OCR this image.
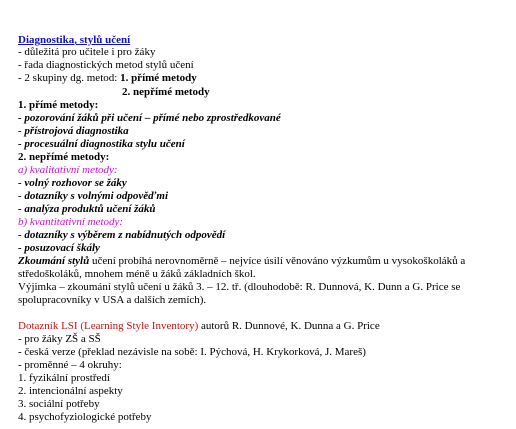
Diagnostika, stylů učení
- důležitá pro učitele i pro žáky
- řada diagnostických metod stylů učení
- 2 skupiny dg. metod: 1. přímé metody
2. nepřímé metody
1. přímé metody:
- pozorování žáků při učení – přímé nebo zprostředkované
- přístrojová diagnostika
- procesuální diagnostika stylu učení
2. nepřímé metody:
a) kvalitativní metody:
- volný rozhovor se žáky
- dotazníky s volnými odpověďmi
- analýza produktů učení žáků
b) kvantitativní metody:
- dotazníky s výběrem z nabídnutých odpovědí
- posuzovací škály
Zkoumání stylů učení probíhá nerovnoměrně – nejvíce úsilí věnováno výzkumům u vysokoškoláků a středoškoláků, mnohem méně u žáků základních škol.
Výjimka – zkoumání stylů učení u žáků 3. – 12. tř. (dlouhodobě: R. Dunnová, K. Dunn a G. Price se spolupracovníky v USA a dalších zemích).
Dotazník LSI (Learning Style Inventory) autorů R. Dunnové, K. Dunna a G. Price
- pro žáky ZŠ a SŠ
- česká verze (překlad nezávisle na sobě: I. Pýchová, H. Krykorková, J. Mareš)
- proměnné – 4 okruhy:
1. fyzikální prostředí
2. intencionální aspekty
3. sociální potřeby
4. psychofyziologické potřeby
